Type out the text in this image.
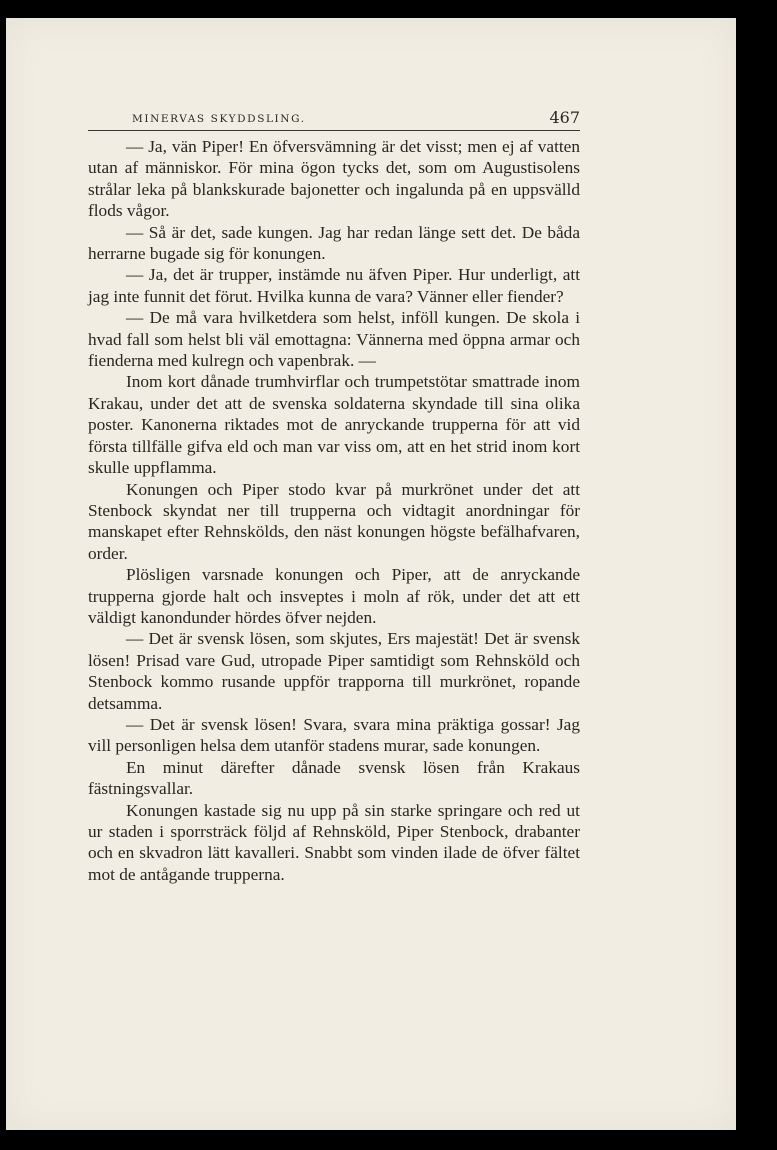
MINERVAS SKYDDSLING.	467

— Ja, vän Piper! En öfversvämning är det visst; men ej af vatten utan af människor. För mina ögon tycks det, som om Augustisolens strålar leka på blankskurade bajonetter och ingalunda på en uppsvälld flods vågor.

— Så är det, sade kungen. Jag har redan länge sett det. De båda herrarne bugade sig för konungen.

— Ja, det är trupper, instämde nu äfven Piper. Hur underligt, att jag inte funnit det förut. Hvilka kunna de vara? Vänner eller fiender?

— De må vara hvilketdera som helst, inföll kungen. De skola i hvad fall som helst bli väl emottagna: Vännerna med öppna armar och fienderna med kulregn och vapenbrak. —

Inom kort dånade trumhvirflar och trumpetstötar smattrade inom Krakau, under det att de svenska soldaterna skyndade till sina olika poster. Kanonerna riktades mot de anryckande trupperna för att vid första tillfälle gifva eld och man var viss om, att en het strid inom kort skulle uppflamma.

Konungen och Piper stodo kvar på murkrönet under det att Stenbock skyndat ner till trupperna och vidtagit anordningar för manskapet efter Rehnskölds, den näst konungen högste befälhafvaren, order.

Plösligen varsnade konungen och Piper, att de anryckande trupperna gjorde halt och insveptes i moln af rök, under det att ett väldigt kanondunder hördes öfver nejden.

— Det är svensk lösen, som skjutes, Ers majestät! Det är svensk lösen! Prisad vare Gud, utropade Piper samtidigt som Rehnsköld och Stenbock kommo rusande uppför trapporna till murkrönet, ropande detsamma.

— Det är svensk lösen! Svara, svara mina präktiga gossar! Jag vill personligen helsa dem utanför stadens murar, sade konungen.

En minut därefter dånade svensk lösen från Krakaus fästningsvallar.

Konungen kastade sig nu upp på sin starke springare och red ut ur staden i sporrsträck följd af Rehnsköld, Piper Stenbock, drabanter och en skvadron lätt kavalleri. Snabbt som vinden ilade de öfver fältet mot de antågande trupperna.
